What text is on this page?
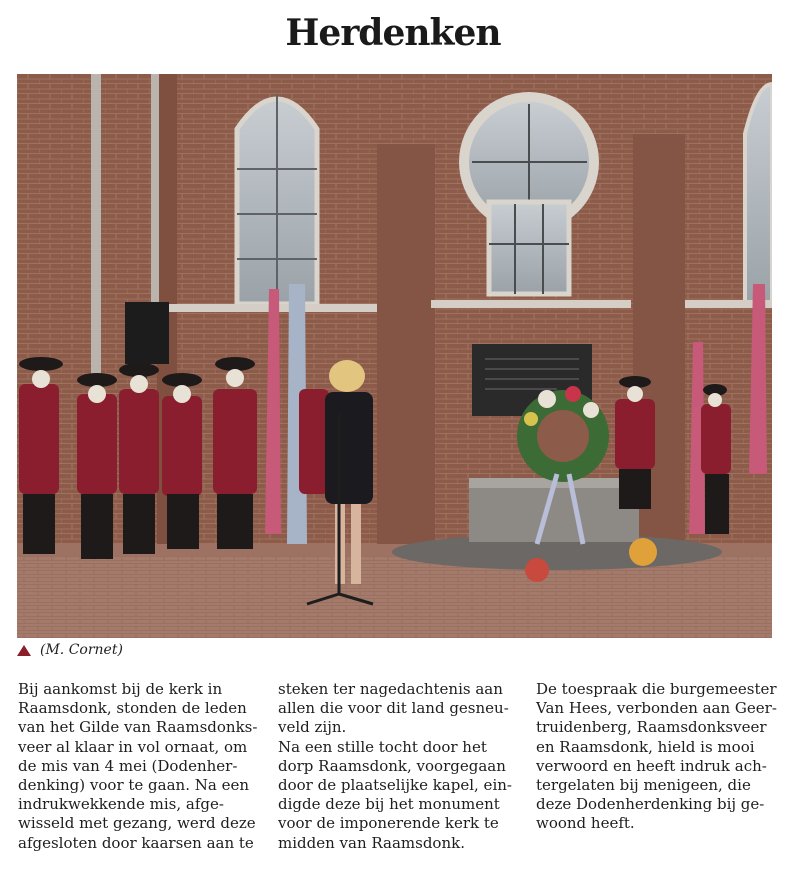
Herdenken
(M. Cornet)

Bij aankomst bij de kerk in
Raamsdonk, stonden de leden
van het Gilde van Raamsdonks-
veer al klaar in vol ornaat, om
de mis van 4 mei (Dodenher-
denking) voor te gaan. Na een
indrukwekkende mis, afge-
wisseld met gezang, werd deze
afgesloten door kaarsen aan te

steken ter nagedachtenis aan
allen die voor dit land gesneu-
veld zijn.

Na een stille tocht door het
dorp Raamsdonk, voorgegaan
door de plaatselijke kapel, ein-
digde deze bij het monument
voor de imponerende kerk te
midden van Raamsdonk.

De toespraak die burgemeester
Van Hees, verbonden aan Geer-
truidenberg, Raamsdonksveer
en Raamsdonk, hield is mooi
verwoord en heeft indruk ach-
tergelaten bij menigeen, die
deze Dodenherdenking bij ge-
woond heeft.
